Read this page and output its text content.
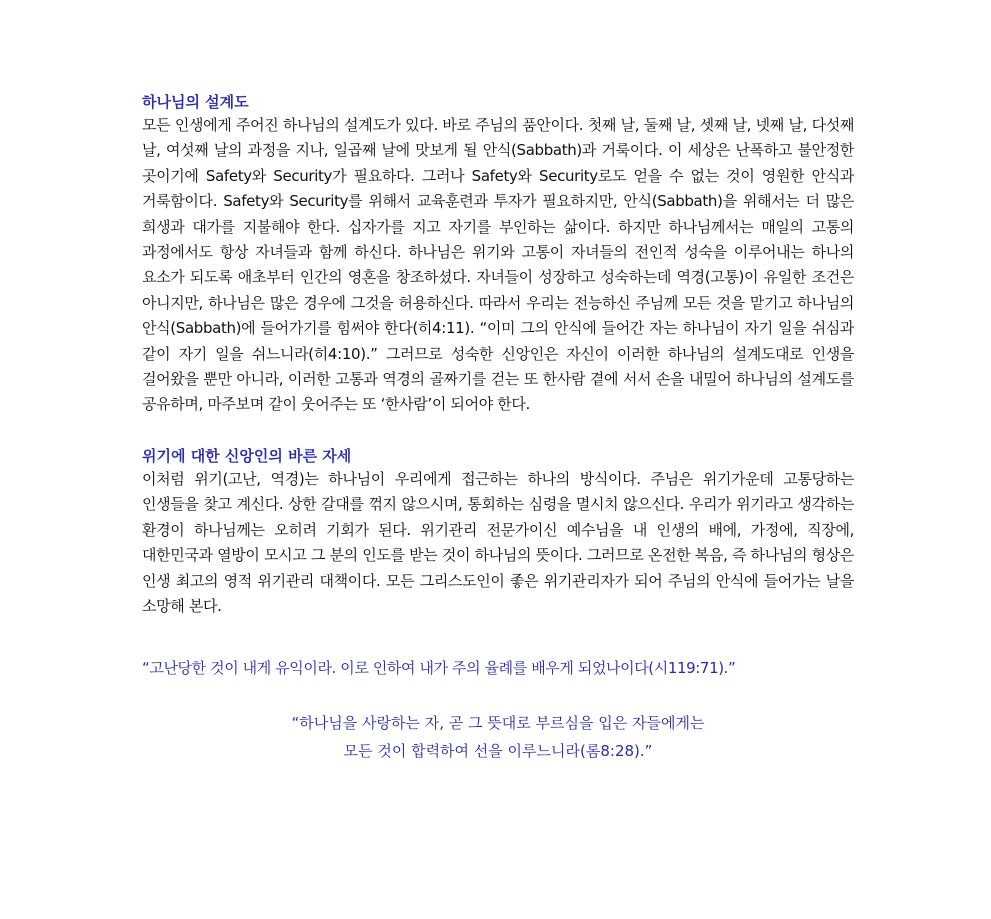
하나님의 설계도

모든 인생에게 주어진 하나님의 설계도가 있다. 바로 주님의 품안이다. 첫째 날, 둘째 날, 셋째 날, 넷째 날, 다섯째 날, 여섯째 날의 과정을 지나, 일곱째 날에 맛보게 될 안식(Sabbath)과 거룩이다. 이 세상은 난폭하고 불안정한 곳이기에 Safety와 Security가 필요하다. 그러나 Safety와 Security로도 얻을 수 없는 것이 영원한 안식과 거룩함이다. Safety와 Security를 위해서 교육훈련과 투자가 필요하지만, 안식(Sabbath)을 위해서는 더 많은 희생과 대가를 지불해야 한다. 십자가를 지고 자기를 부인하는 삶이다. 하지만 하나님께서는 매일의 고통의 과정에서도 항상 자녀들과 함께 하신다. 하나님은 위기와 고통이 자녀들의 전인적 성숙을 이루어내는 하나의 요소가 되도록 애초부터 인간의 영혼을 창조하셨다. 자녀들이 성장하고 성숙하는데 역경(고통)이 유일한 조건은 아니지만, 하나님은 많은 경우에 그것을 허용하신다. 따라서 우리는 전능하신 주님께 모든 것을 맡기고 하나님의 안식(Sabbath)에 들어가기를 힘써야 한다(히4:11). “이미 그의 안식에 들어간 자는 하나님이 자기 일을 쉬심과 같이 자기 일을 쉬느니라(히4:10).” 그러므로 성숙한 신앙인은 자신이 이러한 하나님의 설계도대로 인생을 걸어왔을 뿐만 아니라, 이러한 고통과 역경의 골짜기를 걷는 또 한사람 곁에 서서 손을 내밀어 하나님의 설계도를 공유하며, 마주보며 같이 웃어주는 또 ‘한사람’이 되어야 한다.

위기에 대한 신앙인의 바른 자세

이처럼 위기(고난, 역경)는 하나님이 우리에게 접근하는 하나의 방식이다. 주님은 위기가운데 고통당하는 인생들을 찾고 계신다. 상한 갈대를 꺾지 않으시며, 통회하는 심령을 멸시치 않으신다. 우리가 위기라고 생각하는 환경이 하나님께는 오히려 기회가 된다. 위기관리 전문가이신 예수님을 내 인생의 배에, 가정에, 직장에, 대한민국과 열방이 모시고 그 분의 인도를 받는 것이 하나님의 뜻이다. 그러므로 온전한 복음, 즉 하나님의 형상은 인생 최고의 영적 위기관리 대책이다. 모든 그리스도인이 좋은 위기관리자가 되어 주님의 안식에 들어가는 날을 소망해 본다.

“고난당한 것이 내게 유익이라. 이로 인하여 내가 주의 율례를 배우게 되었나이다(시119:71).”

“하나님을 사랑하는 자, 곧 그 뜻대로 부르심을 입은 자들에게는
모든 것이 합력하여 선을 이루느니라(롬8:28).”
